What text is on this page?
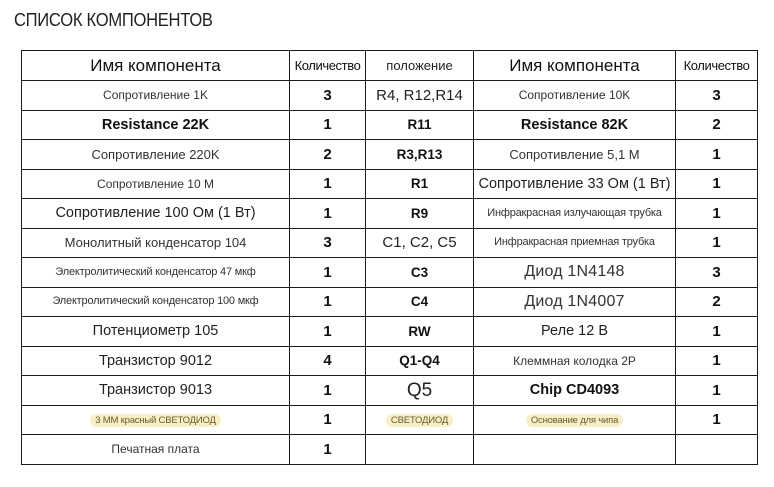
СПИСОК КОМПОНЕНТОВ
Имя компонента	Количество	положение	Имя компонента	Количество
Сопротивление 1K	3	R4, R12,R14	Сопротивление 10K	3
Resistance 22K	1	R11	Resistance 82K	2
Сопротивление 220K	2	R3,R13	Сопротивление 5,1 М	1
Сопротивление 10 M	1	R1	Сопротивление 33 Ом (1 Вт)	1
Сопротивление 100 Ом (1 Вт)	1	R9	Инфракрасная излучающая трубка	1
Монолитный конденсатор 104	3	C1, C2, C5	Инфракрасная приемная трубка	1
Электролитический конденсатор 47 мкф	1	C3	Диод 1N4148	3
Электролитический конденсатор 100 мкф	1	C4	Диод 1N4007	2
Потенциометр 105	1	RW	Реле 12 В	1
Транзистор 9012	4	Q1-Q4	Клеммная колодка 2P	1
Транзистор 9013	1	Q5	Chip CD4093	1
3 ММ красный СВЕТОДИОД	1	СВЕТОДИОД	Основание для чипа	1
Печатная плата	1			
